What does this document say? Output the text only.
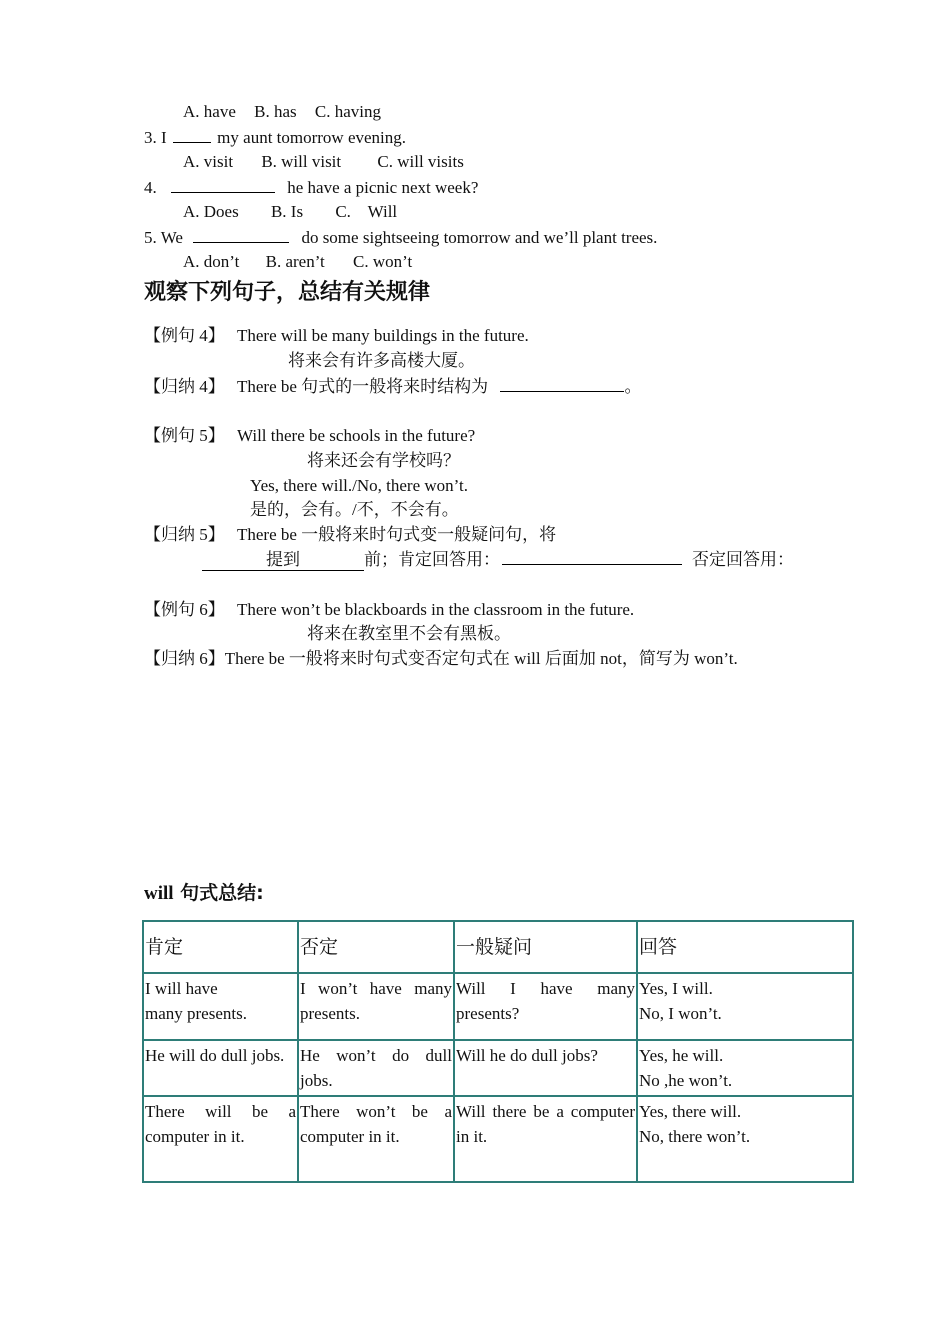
A. have B. has C. having
3. I	my aunt tomorrow evening.
A. visit B. will visit C. will visits
4.	he have a picnic next week?
A. Does B. Is C.    Will
5. We	do some sightseeing tomorrow and we’ll plant trees.
A. don’t B. aren’t C. won’t
观察下列句子，总结有关规律
【例句 4】 There will be many buildings in the future.
将来会有许多高楼大厦。
【归纳 4】 There be 句式的一般将来时结构为	。
【例句 5】 Will there be schools in the future?
将来还会有学校吗？
Yes, there will./No, there won’t.
是的，会有。/不，不会有。
【归纳 5】 There be 一般将来时句式变一般疑问句，将
提到	前；肯定回答用：	否定回答用：
【例句 6】 There won’t be blackboards in the classroom in the future.
将来在教室里不会有黑板。
【归纳 6】There be 一般将来时句式变否定句式在 will 后面加 not，简写为 won’t.
will 句式总结:
肯定	否定	一般疑问	回答

I will have
many presents.	I won’t have many presents.	Will I have many presents?	Yes, I will.
No, I won’t.

He will do dull jobs.	He won’t do dull jobs.	Will he do dull jobs?	Yes, he will.
No ,he won’t.

There will be a computer in it.	There won’t be a computer in it.	Will there be a computer in it.	Yes, there will.
No, there won’t.
